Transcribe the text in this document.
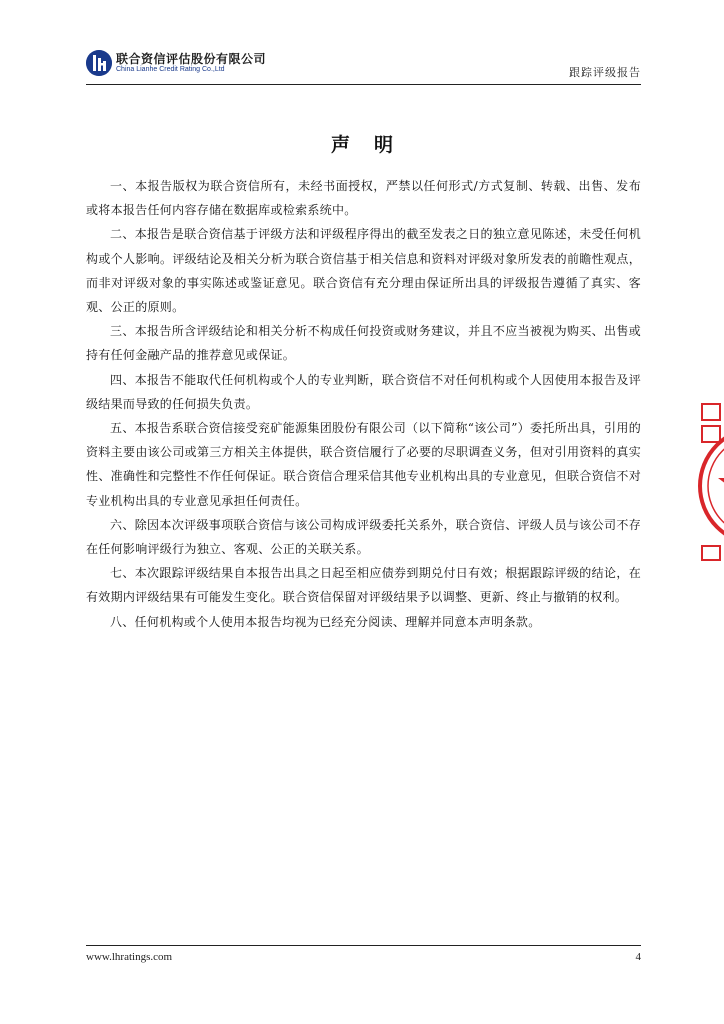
联合资信评估股份有限公司
China Lianhe Credit Rating Co.,Ltd	跟踪评级报告
声明

一、本报告版权为联合资信所有，未经书面授权，严禁以任何形式/方式复制、转载、出售、发布或将本报告任何内容存储在数据库或检索系统中。

二、本报告是联合资信基于评级方法和评级程序得出的截至发表之日的独立意见陈述，未受任何机构或个人影响。评级结论及相关分析为联合资信基于相关信息和资料对评级对象所发表的前瞻性观点，而非对评级对象的事实陈述或鉴证意见。联合资信有充分理由保证所出具的评级报告遵循了真实、客观、公正的原则。

三、本报告所含评级结论和相关分析不构成任何投资或财务建议，并且不应当被视为购买、出售或持有任何金融产品的推荐意见或保证。

四、本报告不能取代任何机构或个人的专业判断，联合资信不对任何机构或个人因使用本报告及评级结果而导致的任何损失负责。

五、本报告系联合资信接受兖矿能源集团股份有限公司（以下简称“该公司”）委托所出具，引用的资料主要由该公司或第三方相关主体提供，联合资信履行了必要的尽职调查义务，但对引用资料的真实性、准确性和完整性不作任何保证。联合资信合理采信其他专业机构出具的专业意见，但联合资信不对专业机构出具的专业意见承担任何责任。

六、除因本次评级事项联合资信与该公司构成评级委托关系外，联合资信、评级人员与该公司不存在任何影响评级行为独立、客观、公正的关联关系。

七、本次跟踪评级结果自本报告出具之日起至相应债券到期兑付日有效；根据跟踪评级的结论，在有效期内评级结果有可能发生变化。联合资信保留对评级结果予以调整、更新、终止与撤销的权利。

八、任何机构或个人使用本报告均视为已经充分阅读、理解并同意本声明条款。

www.lhratings.com	4
